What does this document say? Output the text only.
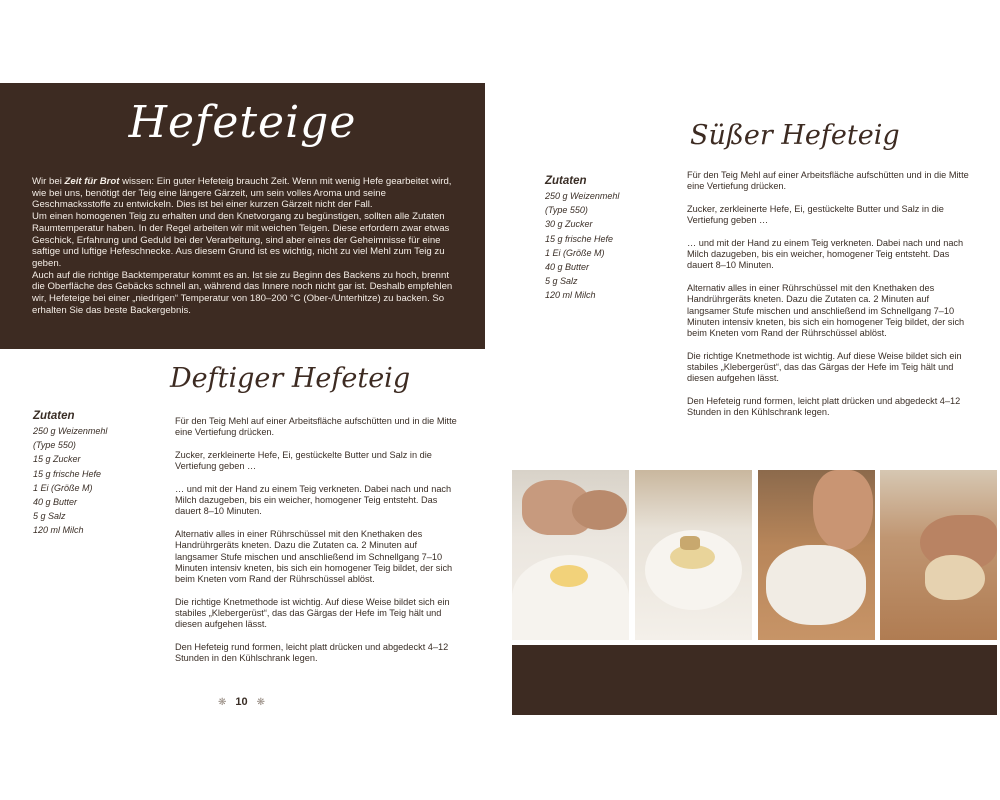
Hefeteige
Wir bei Zeit für Brot wissen: Ein guter Hefeteig braucht Zeit. Wenn mit wenig Hefe gearbeitet wird, wie bei uns, benötigt der Teig eine längere Gärzeit, um sein volles Aroma und seine Geschmacksstoffe zu entwickeln. Dies ist bei einer kurzen Gärzeit nicht der Fall.
Um einen homogenen Teig zu erhalten und den Knetvorgang zu begünstigen, sollten alle Zutaten Raumtemperatur haben. In der Regel arbeiten wir mit weichen Teigen. Diese erfordern zwar etwas Geschick, Erfahrung und Geduld bei der Verarbeitung, sind aber eines der Geheimnisse für eine saftige und luftige Hefeschnecke. Aus diesem Grund ist es wichtig, nicht zu viel Mehl zum Teig zu geben.
Auch auf die richtige Backtemperatur kommt es an. Ist sie zu Beginn des Backens zu hoch, brennt die Oberfläche des Gebäcks schnell an, während das Innere noch nicht gar ist. Deshalb empfehlen wir, Hefeteige bei einer „niedrigen“ Temperatur von 180–200 °C (Ober-/Unterhitze) zu backen. So erhalten Sie das beste Backergebnis.
Deftiger Hefeteig
Zutaten
250 g Weizenmehl
(Type 550)
15 g Zucker
15 g frische Hefe
1 Ei (Größe M)
40 g Butter
5 g Salz
120 ml Milch

Für den Teig Mehl auf einer Arbeitsfläche aufschütten und in die Mitte eine Vertiefung drücken.

Zucker, zerkleinerte Hefe, Ei, gestückelte Butter und Salz in die Vertiefung geben …

… und mit der Hand zu einem Teig verkneten. Dabei nach und nach Milch dazugeben, bis ein weicher, homogener Teig entsteht. Das dauert 8–10 Minuten.

Alternativ alles in einer Rührschüssel mit den Knethaken des Handrührgeräts kneten. Dazu die Zutaten ca. 2 Minuten auf langsamer Stufe mischen und anschließend im Schnellgang 7–10 Minuten intensiv kneten, bis sich ein homogener Teig bildet, der sich beim Kneten vom Rand der Rührschüssel ablöst.

Die richtige Knetmethode ist wichtig. Auf diese Weise bildet sich ein stabiles „Klebergerüst“, das das Gärgas der Hefe im Teig hält und diesen aufgehen lässt.

Den Hefeteig rund formen, leicht platt drücken und abgedeckt 4–12 Stunden in den Kühlschrank legen.

❋ 10 ❋
Süßer Hefeteig
Zutaten
250 g Weizenmehl
(Type 550)
30 g Zucker
15 g frische Hefe
1 Ei (Größe M)
40 g Butter
5 g Salz
120 ml Milch

Für den Teig Mehl auf einer Arbeitsfläche aufschütten und in die Mitte eine Vertiefung drücken.

Zucker, zerkleinerte Hefe, Ei, gestückelte Butter und Salz in die Vertiefung geben …

… und mit der Hand zu einem Teig verkneten. Dabei nach und nach Milch dazugeben, bis ein weicher, homogener Teig entsteht. Das dauert 8–10 Minuten.

Alternativ alles in einer Rührschüssel mit den Knethaken des Handrührgeräts kneten. Dazu die Zutaten ca. 2 Minuten auf langsamer Stufe mischen und anschließend im Schnellgang 7–10 Minuten intensiv kneten, bis sich ein homogener Teig bildet, der sich beim Kneten vom Rand der Rührschüssel ablöst.

Die richtige Knetmethode ist wichtig. Auf diese Weise bildet sich ein stabiles „Klebergerüst“, das das Gärgas der Hefe im Teig hält und diesen aufgehen lässt.

Den Hefeteig rund formen, leicht platt drücken und abgedeckt 4–12 Stunden in den Kühlschrank legen.
